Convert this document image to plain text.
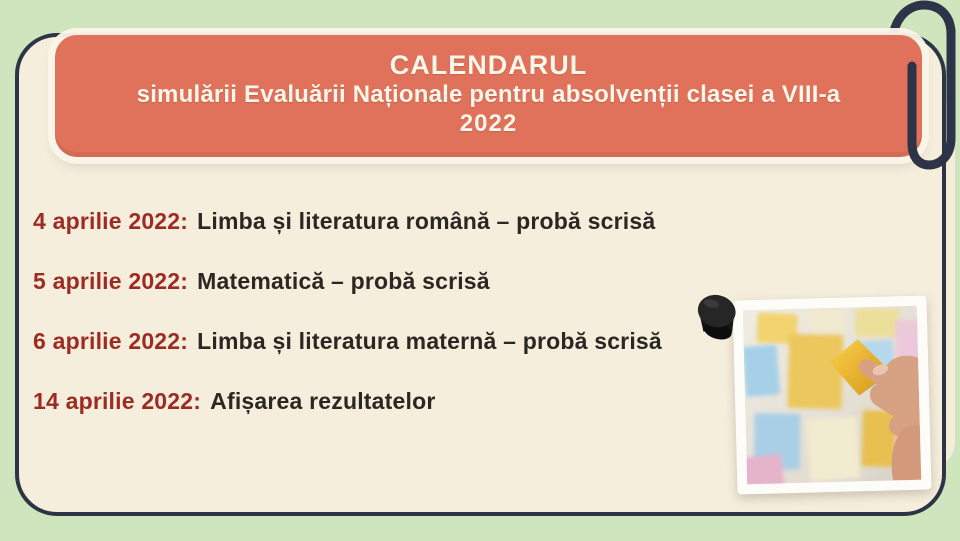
CALENDARUL
simulării Evaluării Naționale pentru absolvenții clasei a VIII-a
2022
4 aprilie 2022: Limba și literatura română – probă scrisă
5 aprilie 2022: Matematică – probă scrisă
6 aprilie 2022: Limba și literatura maternă – probă scrisă
14 aprilie 2022: Afișarea rezultatelor
